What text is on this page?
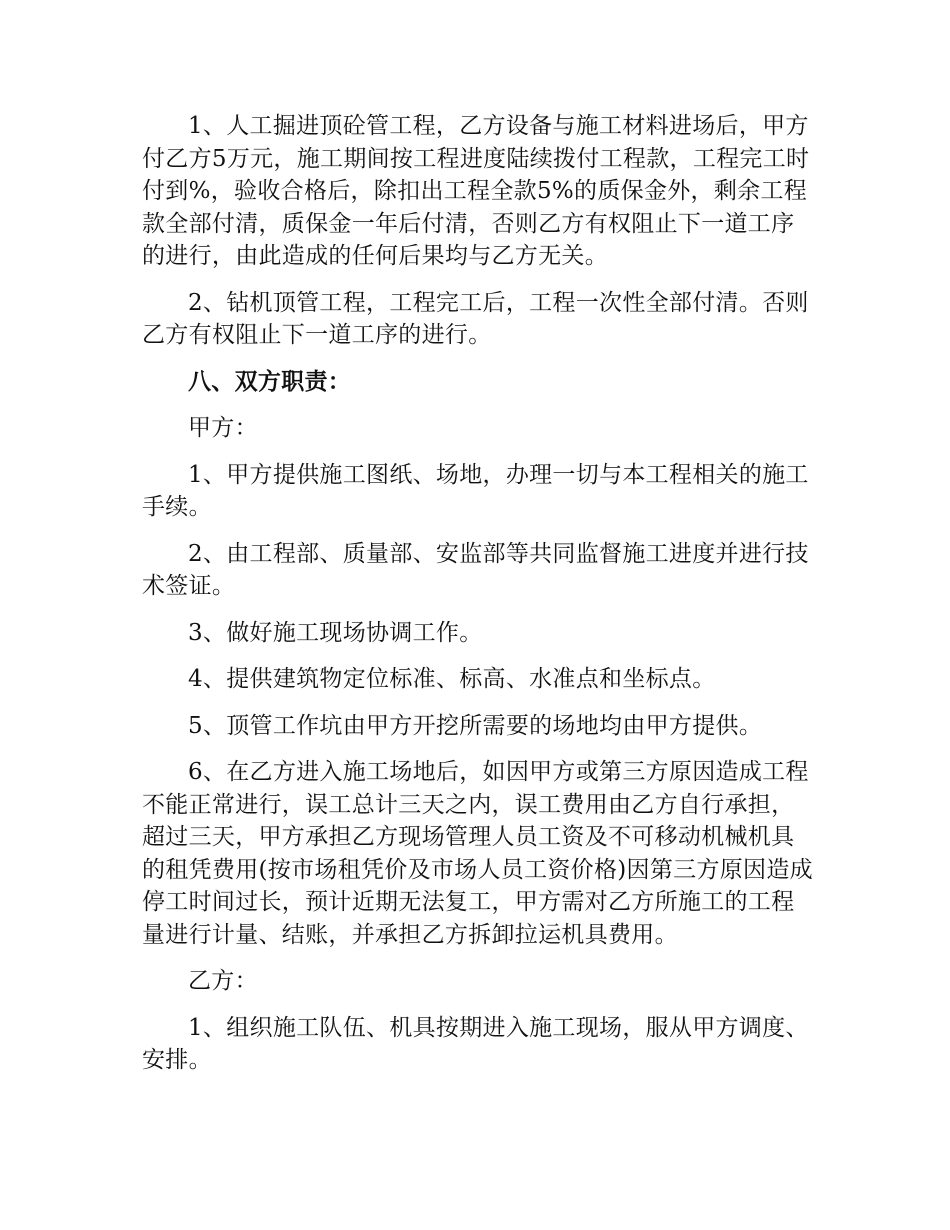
1、人工掘进顶砼管工程，乙方设备与施工材料进场后，甲方付乙方5万元，施工期间按工程进度陆续拨付工程款，工程完工时付到%，验收合格后，除扣出工程全款5%的质保金外，剩余工程款全部付清，质保金一年后付清，否则乙方有权阻止下一道工序的进行，由此造成的任何后果均与乙方无关。

2、钻机顶管工程，工程完工后，工程一次性全部付清。否则乙方有权阻止下一道工序的进行。

八、双方职责：

甲方：

1、甲方提供施工图纸、场地，办理一切与本工程相关的施工手续。

2、由工程部、质量部、安监部等共同监督施工进度并进行技术签证。

3、做好施工现场协调工作。

4、提供建筑物定位标准、标高、水准点和坐标点。

5、顶管工作坑由甲方开挖所需要的场地均由甲方提供。

6、在乙方进入施工场地后，如因甲方或第三方原因造成工程不能正常进行，误工总计三天之内，误工费用由乙方自行承担，超过三天，甲方承担乙方现场管理人员工资及不可移动机械机具的租凭费用(按市场租凭价及市场人员工资价格)因第三方原因造成停工时间过长，预计近期无法复工，甲方需对乙方所施工的工程量进行计量、结账，并承担乙方拆卸拉运机具费用。

乙方：

1、组织施工队伍、机具按期进入施工现场，服从甲方调度、安排。
